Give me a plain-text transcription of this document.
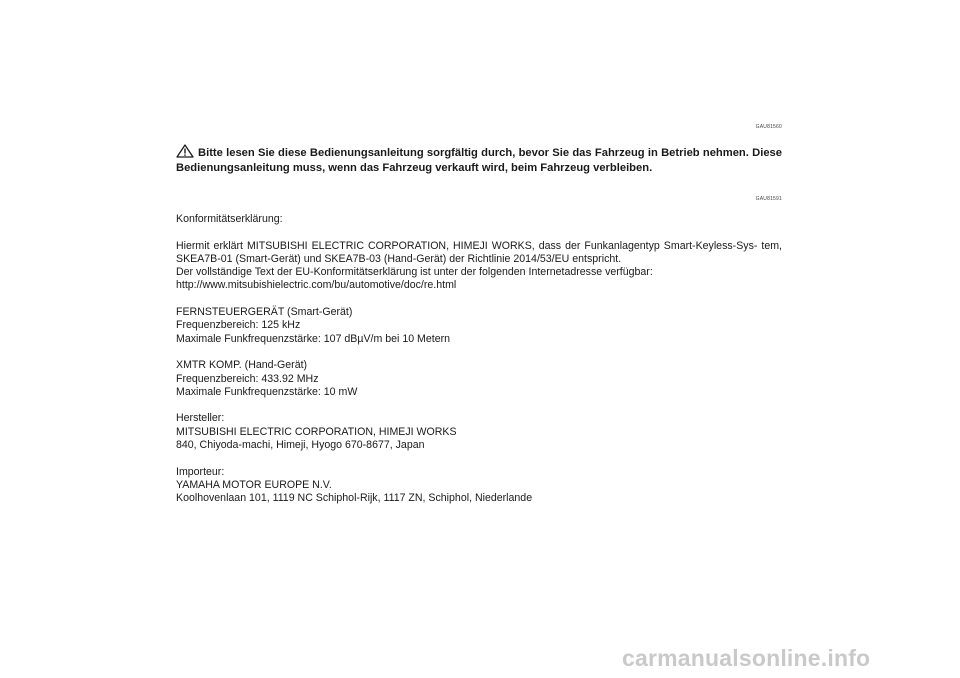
GAU81560
Bitte lesen Sie diese Bedienungsanleitung sorgfältig durch, bevor Sie das Fahrzeug in Betrieb nehmen. Diese Bedienungsanleitung muss, wenn das Fahrzeug verkauft wird, beim Fahrzeug verbleiben.
GAU81591

Konformitätserklärung:

Hiermit erklärt MITSUBISHI ELECTRIC CORPORATION, HIMEJI WORKS, dass der Funkanlagentyp Smart-Keyless-Sys- tem, SKEA7B-01 (Smart-Gerät) und SKEA7B-03 (Hand-Gerät) der Richtlinie 2014/53/EU entspricht.

Der vollständige Text der EU-Konformitätserklärung ist unter der folgenden Internetadresse verfügbar:

http://www.mitsubishielectric.com/bu/automotive/doc/re.html

FERNSTEUERGERÄT (Smart-Gerät)

Frequenzbereich: 125 kHz

Maximale Funkfrequenzstärke: 107 dBµV/m bei 10 Metern

XMTR KOMP. (Hand-Gerät)

Frequenzbereich: 433.92 MHz

Maximale Funkfrequenzstärke: 10 mW

Hersteller:

MITSUBISHI ELECTRIC CORPORATION, HIMEJI WORKS

840, Chiyoda-machi, Himeji, Hyogo 670-8677, Japan

Importeur:

YAMAHA MOTOR EUROPE N.V.

Koolhovenlaan 101, 1119 NC Schiphol-Rijk, 1117 ZN, Schiphol, Niederlande

carmanualsonline.info
